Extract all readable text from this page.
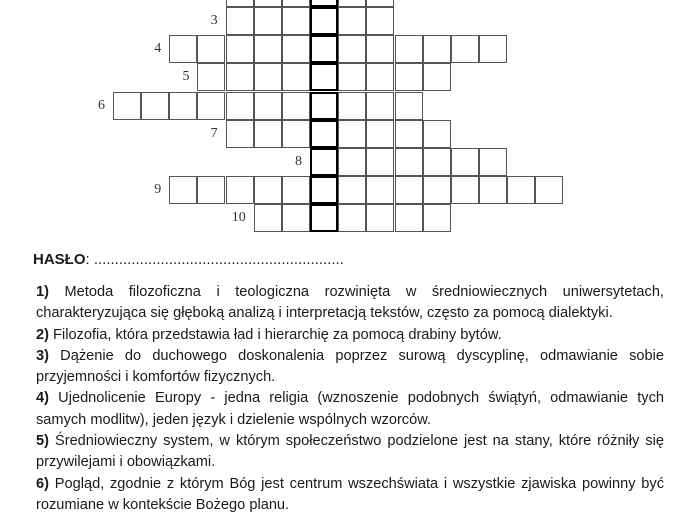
3
4
5
6
7
8
9
10
HASŁO: ............................................................

1) Metoda filozoficzna i teologiczna rozwinięta w średniowiecznych uniwersytetach, charakteryzująca się głęboką analizą i interpretacją tekstów, często za pomocą dialektyki.

2) Filozofia, która przedstawia ład i hierarchię za pomocą drabiny bytów.

3) Dążenie do duchowego doskonalenia poprzez surową dyscyplinę, odmawianie sobie przyjemności i komfortów fizycznych.

4) Ujednolicenie Europy - jedna religia (wznoszenie podobnych świątyń, odmawianie tych samych modlitw), jeden język i dzielenie wspólnych wzorców.

5) Średniowieczny system, w którym społeczeństwo podzielone jest na stany, które różniły się przywilejami i obowiązkami.

6) Pogląd, zgodnie z którym Bóg jest centrum wszechświata i wszystkie zjawiska powinny być rozumiane w kontekście Bożego planu.
